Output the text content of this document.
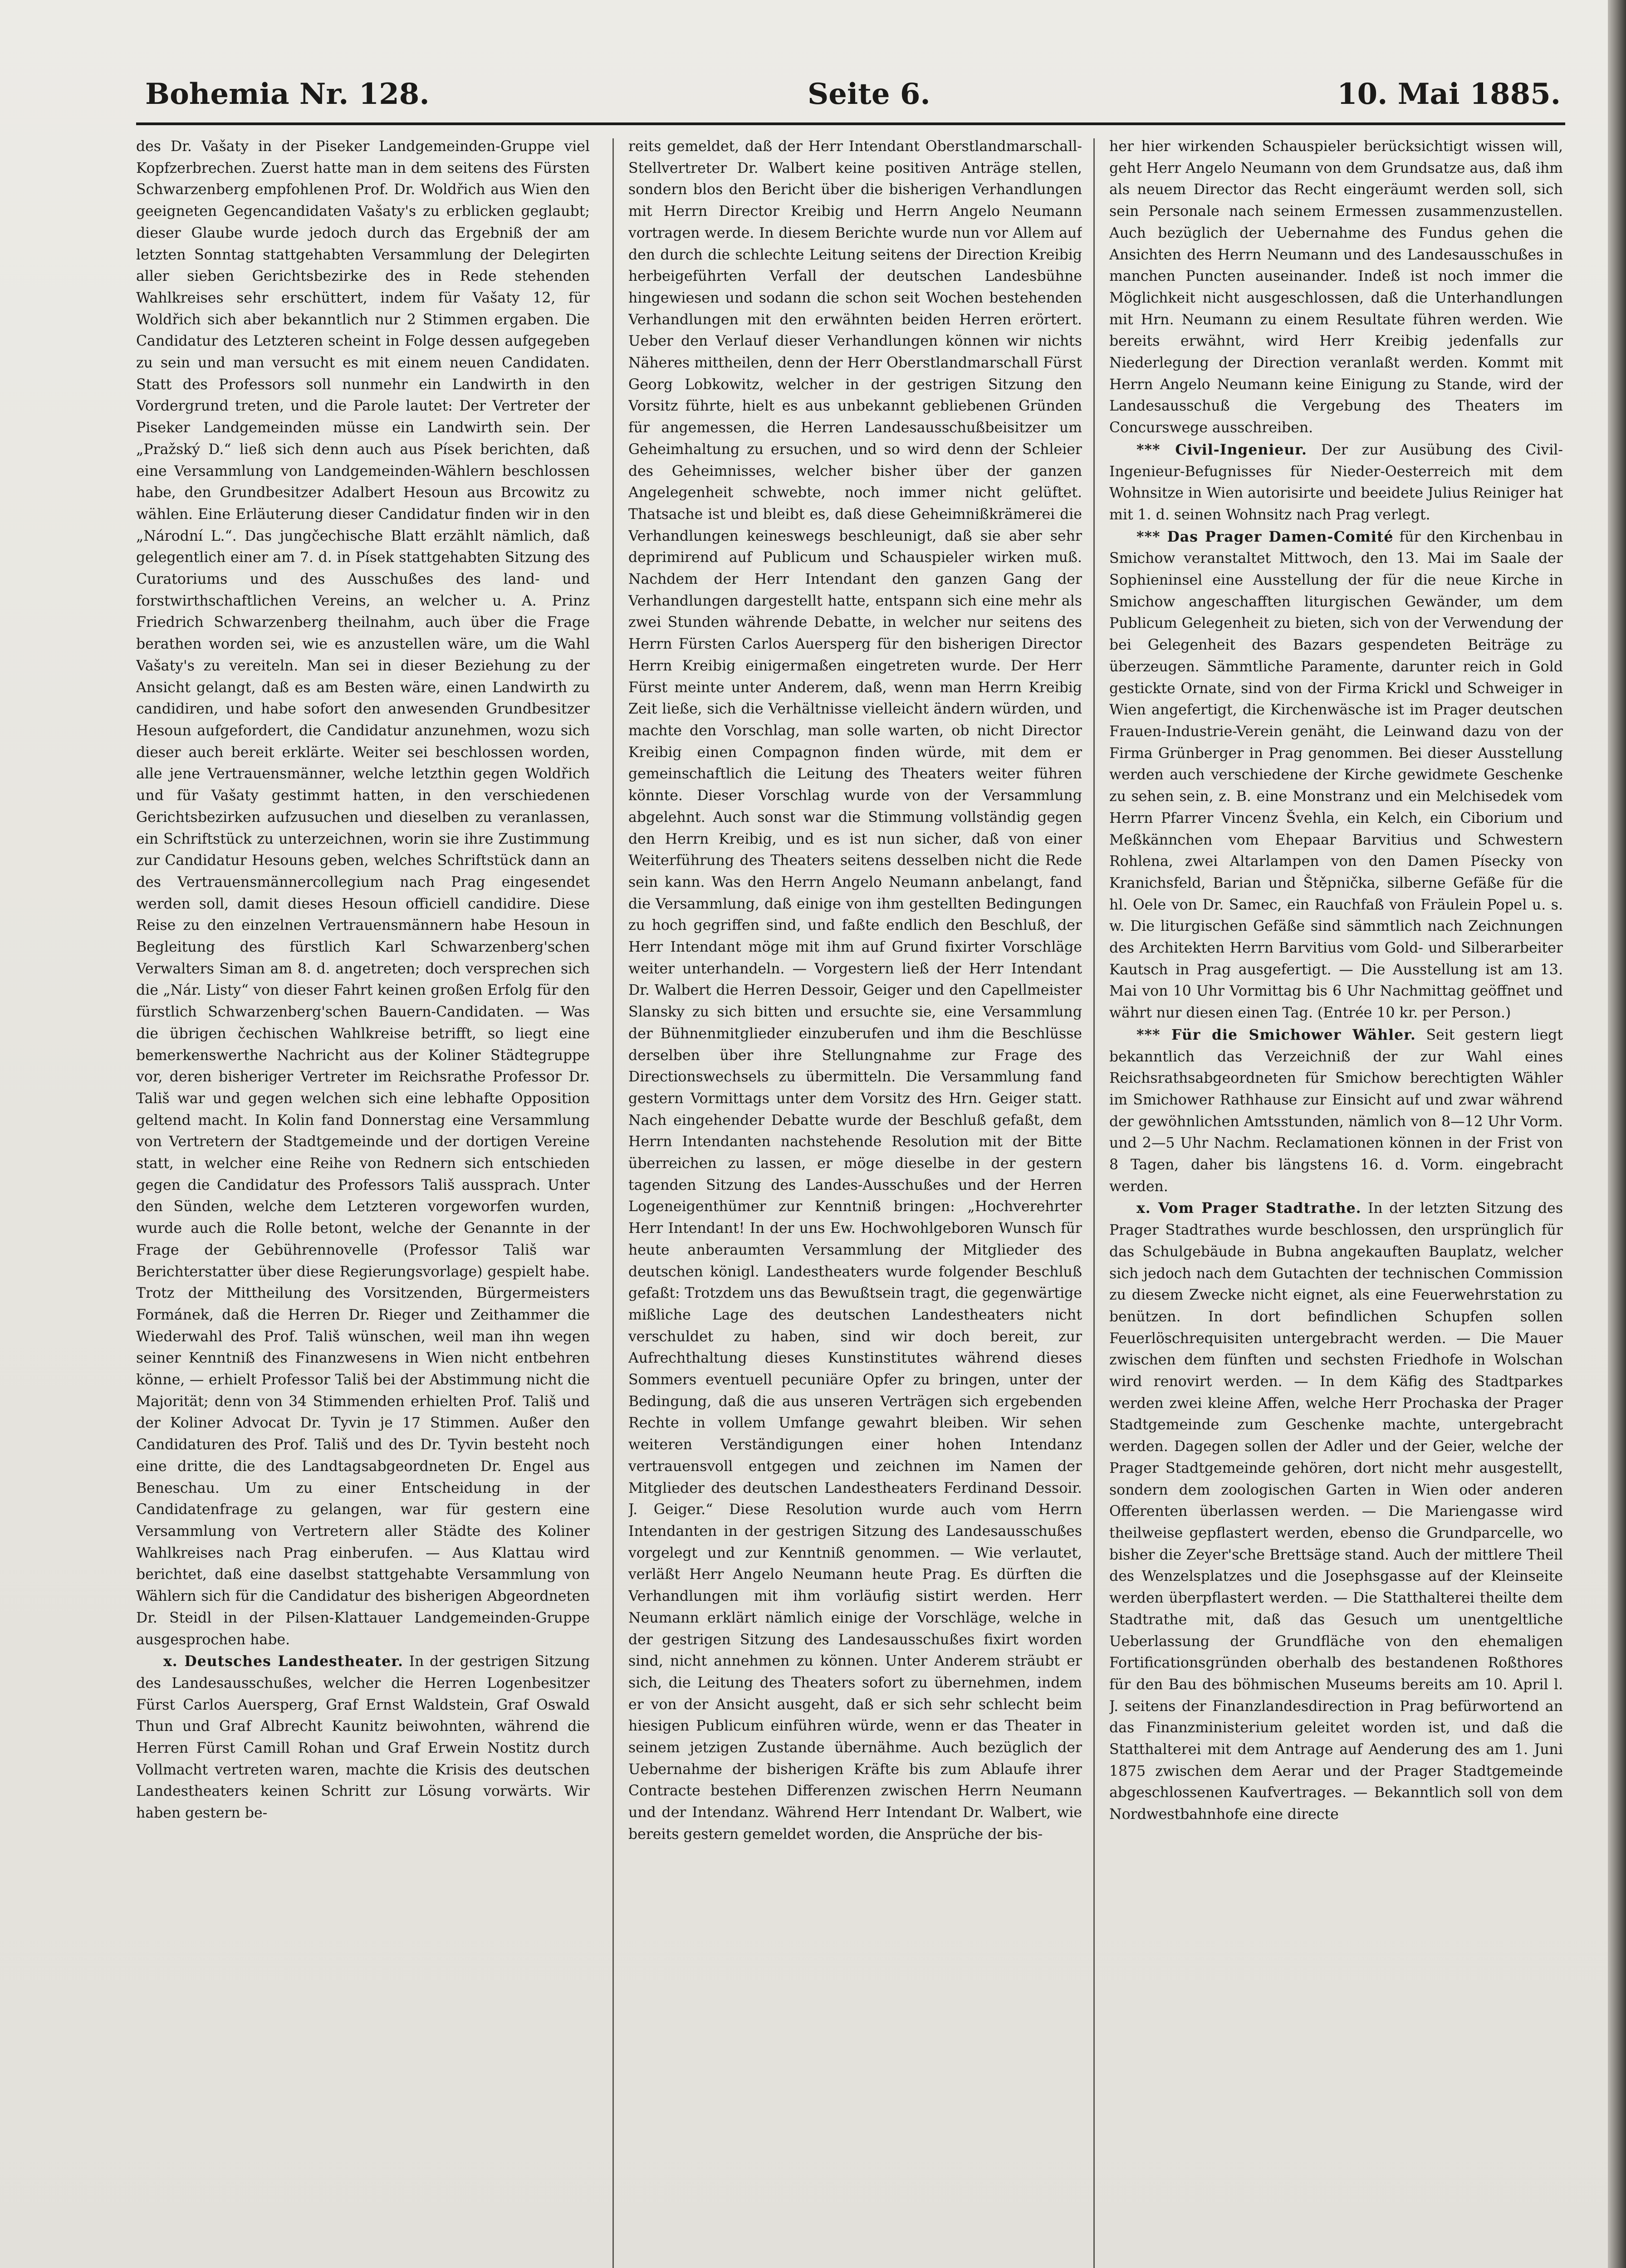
Bohemia Nr. 128.	Seite 6.	10. Mai 1885.

des Dr. Vašaty in der Piseker Landgemeinden-Gruppe viel Kopfzerbrechen. Zuerst hatte man in dem seitens des Fürsten Schwarzenberg empfohlenen Prof. Dr. Woldřich aus Wien den geeigneten Gegencandidaten Vašaty's zu erblicken geglaubt; dieser Glaube wurde jedoch durch das Ergebniß der am letzten Sonntag stattgehabten Versammlung der Delegirten aller sieben Gerichtsbezirke des in Rede stehenden Wahlkreises sehr erschüttert, indem für Vašaty 12, für Woldřich sich aber bekanntlich nur 2 Stimmen ergaben. Die Candidatur des Letzteren scheint in Folge dessen aufgegeben zu sein und man versucht es mit einem neuen Candidaten. Statt des Professors soll nunmehr ein Landwirth in den Vordergrund treten, und die Parole lautet: Der Vertreter der Piseker Landgemeinden müsse ein Landwirth sein. Der „Pražský D.“ ließ sich denn auch aus Písek berichten, daß eine Versammlung von Landgemeinden-Wählern beschlossen habe, den Grundbesitzer Adalbert Hesoun aus Brcowitz zu wählen. Eine Erläuterung dieser Candidatur finden wir in den „Národní L.“. Das jungčechische Blatt erzählt nämlich, daß gelegentlich einer am 7. d. in Písek stattgehabten Sitzung des Curatoriums und des Ausschußes des land- und forstwirthschaftlichen Vereins, an welcher u. A. Prinz Friedrich Schwarzenberg theilnahm, auch über die Frage berathen worden sei, wie es anzustellen wäre, um die Wahl Vašaty's zu vereiteln. Man sei in dieser Beziehung zu der Ansicht gelangt, daß es am Besten wäre, einen Landwirth zu candidiren, und habe sofort den anwesenden Grundbesitzer Hesoun aufgefordert, die Candidatur anzunehmen, wozu sich dieser auch bereit erklärte. Weiter sei beschlossen worden, alle jene Vertrauensmänner, welche letzthin gegen Woldřich und für Vašaty gestimmt hatten, in den verschiedenen Gerichtsbezirken aufzusuchen und dieselben zu veranlassen, ein Schriftstück zu unterzeichnen, worin sie ihre Zustimmung zur Candidatur Hesouns geben, welches Schriftstück dann an des Vertrauensmännercollegium nach Prag eingesendet werden soll, damit dieses Hesoun officiell candidire. Diese Reise zu den einzelnen Vertrauensmännern habe Hesoun in Begleitung des fürstlich Karl Schwarzenberg'schen Verwalters Siman am 8. d. angetreten; doch versprechen sich die „Nár. Listy“ von dieser Fahrt keinen großen Erfolg für den fürstlich Schwarzenberg'schen Bauern-Candidaten. — Was die übrigen čechischen Wahlkreise betrifft, so liegt eine bemerkenswerthe Nachricht aus der Koliner Städtegruppe vor, deren bisheriger Vertreter im Reichsrathe Professor Dr. Tališ war und gegen welchen sich eine lebhafte Opposition geltend macht. In Kolin fand Donnerstag eine Versammlung von Vertretern der Stadtgemeinde und der dortigen Vereine statt, in welcher eine Reihe von Rednern sich entschieden gegen die Candidatur des Professors Tališ aussprach. Unter den Sünden, welche dem Letzteren vorgeworfen wurden, wurde auch die Rolle betont, welche der Genannte in der Frage der Gebührennovelle (Professor Tališ war Berichterstatter über diese Regierungsvorlage) gespielt habe. Trotz der Mittheilung des Vorsitzenden, Bürgermeisters Formánek, daß die Herren Dr. Rieger und Zeithammer die Wiederwahl des Prof. Tališ wünschen, weil man ihn wegen seiner Kenntniß des Finanzwesens in Wien nicht entbehren könne, — erhielt Professor Tališ bei der Abstimmung nicht die Majorität; denn von 34 Stimmenden erhielten Prof. Tališ und der Koliner Advocat Dr. Tyvin je 17 Stimmen. Außer den Candidaturen des Prof. Tališ und des Dr. Tyvin besteht noch eine dritte, die des Landtagsabgeordneten Dr. Engel aus Beneschau. Um zu einer Entscheidung in der Candidatenfrage zu gelangen, war für gestern eine Versammlung von Vertretern aller Städte des Koliner Wahlkreises nach Prag einberufen. — Aus Klattau wird berichtet, daß eine daselbst stattgehabte Versammlung von Wählern sich für die Candidatur des bisherigen Abgeordneten Dr. Steidl in der Pilsen-Klattauer Landgemeinden-Gruppe ausgesprochen habe.

x. Deutsches Landestheater. In der gestrigen Sitzung des Landesausschußes, welcher die Herren Logenbesitzer Fürst Carlos Auersperg, Graf Ernst Waldstein, Graf Oswald Thun und Graf Albrecht Kaunitz beiwohnten, während die Herren Fürst Camill Rohan und Graf Erwein Nostitz durch Vollmacht vertreten waren, machte die Krisis des deutschen Landestheaters keinen Schritt zur Lösung vorwärts. Wir haben gestern be-

reits gemeldet, daß der Herr Intendant Oberstlandmarschall-Stellvertreter Dr. Walbert keine positiven Anträge stellen, sondern blos den Bericht über die bisherigen Verhandlungen mit Herrn Director Kreibig und Herrn Angelo Neumann vortragen werde. In diesem Berichte wurde nun vor Allem auf den durch die schlechte Leitung seitens der Direction Kreibig herbeigeführten Verfall der deutschen Landesbühne hingewiesen und sodann die schon seit Wochen bestehenden Verhandlungen mit den erwähnten beiden Herren erörtert. Ueber den Verlauf dieser Verhandlungen können wir nichts Näheres mittheilen, denn der Herr Oberstlandmarschall Fürst Georg Lobkowitz, welcher in der gestrigen Sitzung den Vorsitz führte, hielt es aus unbekannt gebliebenen Gründen für angemessen, die Herren Landesausschußbeisitzer um Geheimhaltung zu ersuchen, und so wird denn der Schleier des Geheimnisses, welcher bisher über der ganzen Angelegenheit schwebte, noch immer nicht gelüftet. Thatsache ist und bleibt es, daß diese Geheimnißkrämerei die Verhandlungen keineswegs beschleunigt, daß sie aber sehr deprimirend auf Publicum und Schauspieler wirken muß. Nachdem der Herr Intendant den ganzen Gang der Verhandlungen dargestellt hatte, entspann sich eine mehr als zwei Stunden währende Debatte, in welcher nur seitens des Herrn Fürsten Carlos Auersperg für den bisherigen Director Herrn Kreibig einigermaßen eingetreten wurde. Der Herr Fürst meinte unter Anderem, daß, wenn man Herrn Kreibig Zeit ließe, sich die Verhältnisse vielleicht ändern würden, und machte den Vorschlag, man solle warten, ob nicht Director Kreibig einen Compagnon finden würde, mit dem er gemeinschaftlich die Leitung des Theaters weiter führen könnte. Dieser Vorschlag wurde von der Versammlung abgelehnt. Auch sonst war die Stimmung vollständig gegen den Herrn Kreibig, und es ist nun sicher, daß von einer Weiterführung des Theaters seitens desselben nicht die Rede sein kann. Was den Herrn Angelo Neumann anbelangt, fand die Versammlung, daß einige von ihm gestellten Bedingungen zu hoch gegriffen sind, und faßte endlich den Beschluß, der Herr Intendant möge mit ihm auf Grund fixirter Vorschläge weiter unterhandeln. — Vorgestern ließ der Herr Intendant Dr. Walbert die Herren Dessoir, Geiger und den Capellmeister Slansky zu sich bitten und ersuchte sie, eine Versammlung der Bühnenmitglieder einzuberufen und ihm die Beschlüsse derselben über ihre Stellungnahme zur Frage des Directionswechsels zu übermitteln. Die Versammlung fand gestern Vormittags unter dem Vorsitz des Hrn. Geiger statt. Nach eingehender Debatte wurde der Beschluß gefaßt, dem Herrn Intendanten nachstehende Resolution mit der Bitte überreichen zu lassen, er möge dieselbe in der gestern tagenden Sitzung des Landes-Ausschußes und der Herren Logeneigenthümer zur Kenntniß bringen: „Hochverehrter Herr Intendant! In der uns Ew. Hochwohlgeboren Wunsch für heute anberaumten Versammlung der Mitglieder des deutschen königl. Landestheaters wurde folgender Beschluß gefaßt: Trotzdem uns das Bewußtsein tragt, die gegenwärtige mißliche Lage des deutschen Landestheaters nicht verschuldet zu haben, sind wir doch bereit, zur Aufrechthaltung dieses Kunstinstitutes während dieses Sommers eventuell pecuniäre Opfer zu bringen, unter der Bedingung, daß die aus unseren Verträgen sich ergebenden Rechte in vollem Umfange gewahrt bleiben. Wir sehen weiteren Verständigungen einer hohen Intendanz vertrauensvoll entgegen und zeichnen im Namen der Mitglieder des deutschen Landestheaters Ferdinand Dessoir. J. Geiger.“ Diese Resolution wurde auch vom Herrn Intendanten in der gestrigen Sitzung des Landesausschußes vorgelegt und zur Kenntniß genommen. — Wie verlautet, verläßt Herr Angelo Neumann heute Prag. Es dürften die Verhandlungen mit ihm vorläufig sistirt werden. Herr Neumann erklärt nämlich einige der Vorschläge, welche in der gestrigen Sitzung des Landesausschußes fixirt worden sind, nicht annehmen zu können. Unter Anderem sträubt er sich, die Leitung des Theaters sofort zu übernehmen, indem er von der Ansicht ausgeht, daß er sich sehr schlecht beim hiesigen Publicum einführen würde, wenn er das Theater in seinem jetzigen Zustande übernähme. Auch bezüglich der Uebernahme der bisherigen Kräfte bis zum Ablaufe ihrer Contracte bestehen Differenzen zwischen Herrn Neumann und der Intendanz. Während Herr Intendant Dr. Walbert, wie bereits gestern gemeldet worden, die Ansprüche der bis-

her hier wirkenden Schauspieler berücksichtigt wissen will, geht Herr Angelo Neumann von dem Grundsatze aus, daß ihm als neuem Director das Recht eingeräumt werden soll, sich sein Personale nach seinem Ermessen zusammenzustellen. Auch bezüglich der Uebernahme des Fundus gehen die Ansichten des Herrn Neumann und des Landesausschußes in manchen Puncten auseinander. Indeß ist noch immer die Möglichkeit nicht ausgeschlossen, daß die Unterhandlungen mit Hrn. Neumann zu einem Resultate führen werden. Wie bereits erwähnt, wird Herr Kreibig jedenfalls zur Niederlegung der Direction veranlaßt werden. Kommt mit Herrn Angelo Neumann keine Einigung zu Stande, wird der Landesausschuß die Vergebung des Theaters im Concurswege ausschreiben.

*** Civil-Ingenieur. Der zur Ausübung des Civil-Ingenieur-Befugnisses für Nieder-Oesterreich mit dem Wohnsitze in Wien autorisirte und beeidete Julius Reiniger hat mit 1. d. seinen Wohnsitz nach Prag verlegt.

*** Das Prager Damen-Comité für den Kirchenbau in Smichow veranstaltet Mittwoch, den 13. Mai im Saale der Sophieninsel eine Ausstellung der für die neue Kirche in Smichow angeschafften liturgischen Gewänder, um dem Publicum Gelegenheit zu bieten, sich von der Verwendung der bei Gelegenheit des Bazars gespendeten Beiträge zu überzeugen. Sämmtliche Paramente, darunter reich in Gold gestickte Ornate, sind von der Firma Krickl und Schweiger in Wien angefertigt, die Kirchenwäsche ist im Prager deutschen Frauen-Industrie-Verein genäht, die Leinwand dazu von der Firma Grünberger in Prag genommen. Bei dieser Ausstellung werden auch verschiedene der Kirche gewidmete Geschenke zu sehen sein, z. B. eine Monstranz und ein Melchisedek vom Herrn Pfarrer Vincenz Švehla, ein Kelch, ein Ciborium und Meßkännchen vom Ehepaar Barvitius und Schwestern Rohlena, zwei Altarlampen von den Damen Písecky von Kranichsfeld, Barian und Štěpnička, silberne Gefäße für die hl. Oele von Dr. Samec, ein Rauchfaß von Fräulein Popel u. s. w. Die liturgischen Gefäße sind sämmtlich nach Zeichnungen des Architekten Herrn Barvitius vom Gold- und Silberarbeiter Kautsch in Prag ausgefertigt. — Die Ausstellung ist am 13. Mai von 10 Uhr Vormittag bis 6 Uhr Nachmittag geöffnet und währt nur diesen einen Tag. (Entrée 10 kr. per Person.)

*** Für die Smichower Wähler. Seit gestern liegt bekanntlich das Verzeichniß der zur Wahl eines Reichsrathsabgeordneten für Smichow berechtigten Wähler im Smichower Rathhause zur Einsicht auf und zwar während der gewöhnlichen Amtsstunden, nämlich von 8—12 Uhr Vorm. und 2—5 Uhr Nachm. Reclamationen können in der Frist von 8 Tagen, daher bis längstens 16. d. Vorm. eingebracht werden.

x. Vom Prager Stadtrathe. In der letzten Sitzung des Prager Stadtrathes wurde beschlossen, den ursprünglich für das Schulgebäude in Bubna angekauften Bauplatz, welcher sich jedoch nach dem Gutachten der technischen Commission zu diesem Zwecke nicht eignet, als eine Feuerwehrstation zu benützen. In dort befindlichen Schupfen sollen Feuerlöschrequisiten untergebracht werden. — Die Mauer zwischen dem fünften und sechsten Friedhofe in Wolschan wird renovirt werden. — In dem Käfig des Stadtparkes werden zwei kleine Affen, welche Herr Prochaska der Prager Stadtgemeinde zum Geschenke machte, untergebracht werden. Dagegen sollen der Adler und der Geier, welche der Prager Stadtgemeinde gehören, dort nicht mehr ausgestellt, sondern dem zoologischen Garten in Wien oder anderen Offerenten überlassen werden. — Die Mariengasse wird theilweise gepflastert werden, ebenso die Grundparcelle, wo bisher die Zeyer'sche Brettsäge stand. Auch der mittlere Theil des Wenzelsplatzes und die Josephsgasse auf der Kleinseite werden überpflastert werden. — Die Statthalterei theilte dem Stadtrathe mit, daß das Gesuch um unentgeltliche Ueberlassung der Grundfläche von den ehemaligen Fortificationsgründen oberhalb des bestandenen Roßthores für den Bau des böhmischen Museums bereits am 10. April l. J. seitens der Finanzlandesdirection in Prag befürwortend an das Finanzministerium geleitet worden ist, und daß die Statthalterei mit dem Antrage auf Aenderung des am 1. Juni 1875 zwischen dem Aerar und der Prager Stadtgemeinde abgeschlossenen Kaufvertrages. — Bekanntlich soll von dem Nordwestbahnhofe eine directe
